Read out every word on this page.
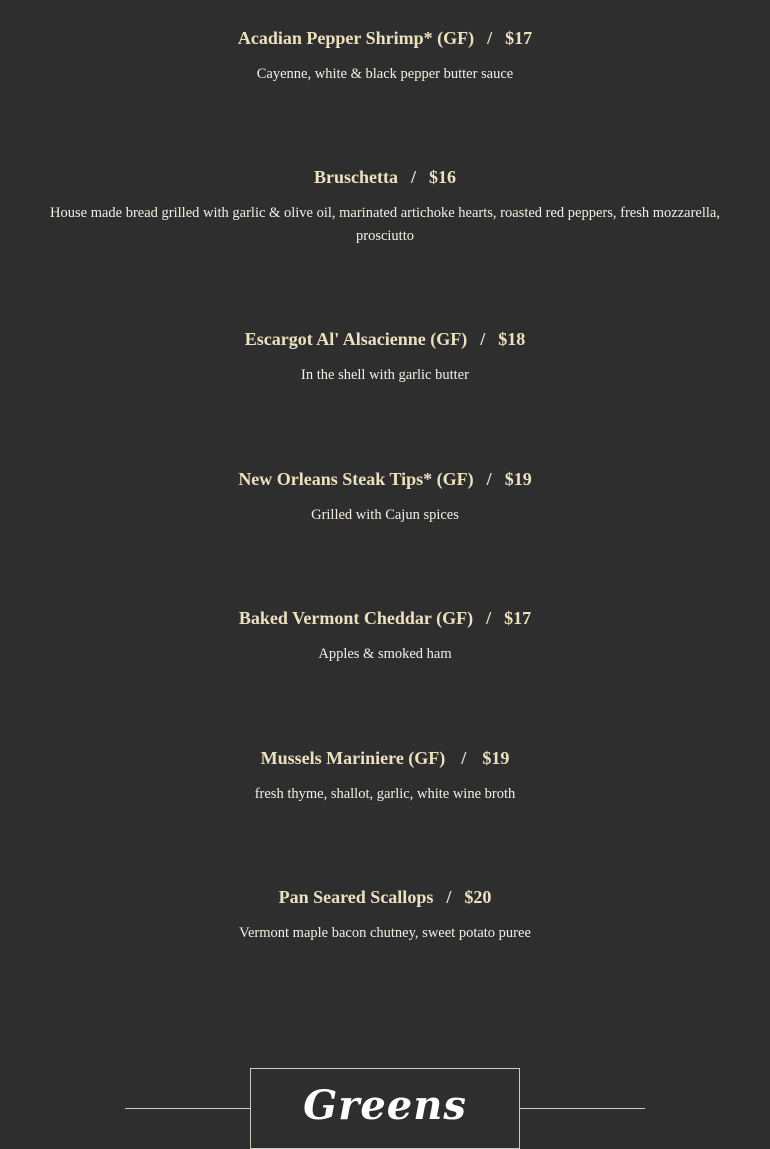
Acadian Pepper Shrimp* (GF) / $17
Cayenne, white & black pepper butter sauce
Bruschetta / $16
House made bread grilled with garlic & olive oil, marinated artichoke hearts, roasted red peppers, fresh mozzarella, prosciutto
Escargot Al' Alsacienne (GF) / $18
In the shell with garlic butter
New Orleans Steak Tips* (GF) / $19
Grilled with Cajun spices
Baked Vermont Cheddar (GF) / $17
Apples & smoked ham
Mussels Mariniere (GF) / $19
fresh thyme, shallot, garlic, white wine broth
Pan Seared Scallops / $20
Vermont maple bacon chutney, sweet potato puree
Greens
